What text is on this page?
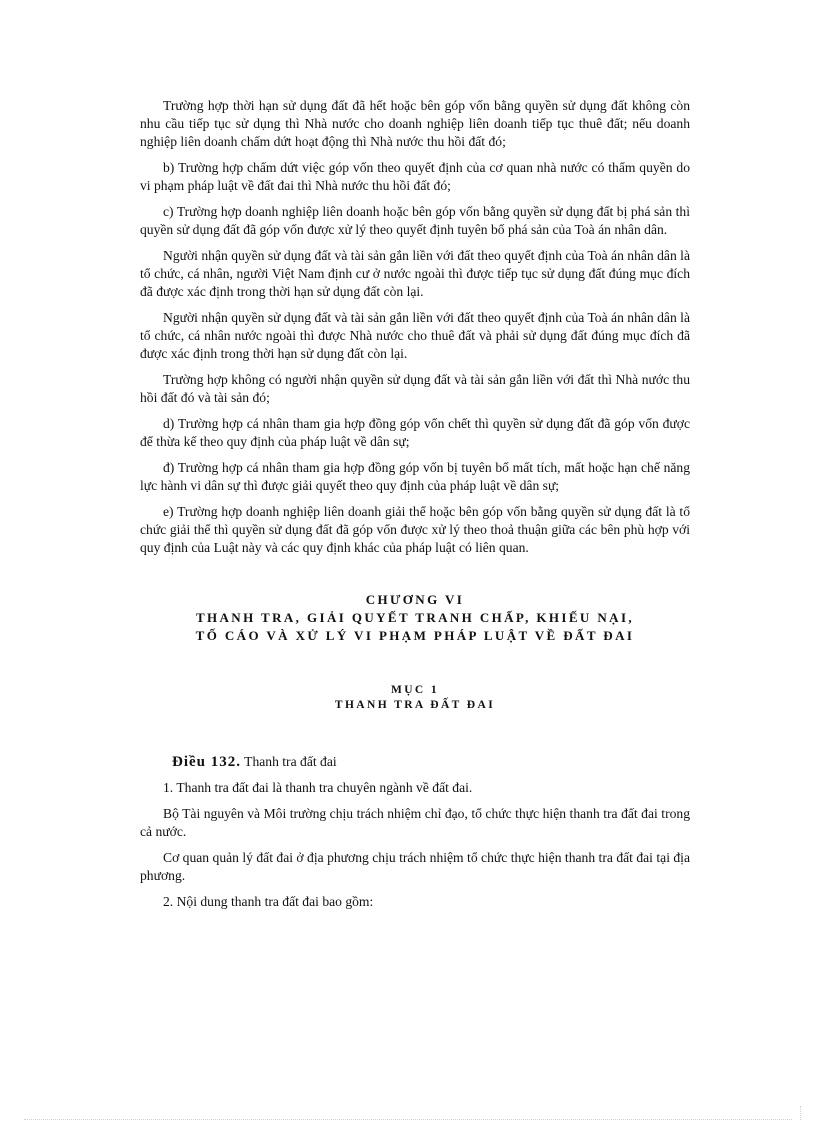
Trường hợp thời hạn sử dụng đất đã hết hoặc bên góp vốn bằng quyền sử dụng đất không còn nhu cầu tiếp tục sử dụng thì Nhà nước cho doanh nghiệp liên doanh tiếp tục thuê đất; nếu doanh nghiệp liên doanh chấm dứt hoạt động thì Nhà nước thu hồi đất đó;

b) Trường hợp chấm dứt việc góp vốn theo quyết định của cơ quan nhà nước có thẩm quyền do vi phạm pháp luật về đất đai thì Nhà nước thu hồi đất đó;

c) Trường hợp doanh nghiệp liên doanh hoặc bên góp vốn bằng quyền sử dụng đất bị phá sản thì quyền sử dụng đất đã góp vốn được xử lý theo quyết định tuyên bố phá sản của Toà án nhân dân.

Người nhận quyền sử dụng đất và tài sản gắn liền với đất theo quyết định của Toà án nhân dân là tổ chức, cá nhân, người Việt Nam định cư ở nước ngoài thì được tiếp tục sử dụng đất đúng mục đích đã được xác định trong thời hạn sử dụng đất còn lại.

Người nhận quyền sử dụng đất và tài sản gắn liền với đất theo quyết định của Toà án nhân dân là tổ chức, cá nhân nước ngoài thì được Nhà nước cho thuê đất và phải sử dụng đất đúng mục đích đã được xác định trong thời hạn sử dụng đất còn lại.

Trường hợp không có người nhận quyền sử dụng đất và tài sản gắn liền với đất thì Nhà nước thu hồi đất đó và tài sản đó;

d) Trường hợp cá nhân tham gia hợp đồng góp vốn chết thì quyền sử dụng đất đã góp vốn được để thừa kế theo quy định của pháp luật về dân sự;

đ) Trường hợp cá nhân tham gia hợp đồng góp vốn bị tuyên bố mất tích, mất hoặc hạn chế năng lực hành vi dân sự thì được giải quyết theo quy định của pháp luật về dân sự;

e) Trường hợp doanh nghiệp liên doanh giải thể hoặc bên góp vốn bằng quyền sử dụng đất là tổ chức giải thể thì quyền sử dụng đất đã góp vốn được xử lý theo thoả thuận giữa các bên phù hợp với quy định của Luật này và các quy định khác của pháp luật có liên quan.

CHƯƠNG VI
THANH TRA, GIẢI QUYẾT TRANH CHẤP, KHIẾU NẠI,
TỐ CÁO VÀ XỬ LÝ VI PHẠM PHÁP LUẬT VỀ ĐẤT ĐAI
MỤC 1
THANH TRA ĐẤT ĐAI
Điều 132. Thanh tra đất đai

1. Thanh tra đất đai là thanh tra chuyên ngành về đất đai.

Bộ Tài nguyên và Môi trường chịu trách nhiệm chỉ đạo, tổ chức thực hiện thanh tra đất đai trong cả nước.

Cơ quan quản lý đất đai ở địa phương chịu trách nhiệm tổ chức thực hiện thanh tra đất đai tại địa phương.

2. Nội dung thanh tra đất đai bao gồm:
